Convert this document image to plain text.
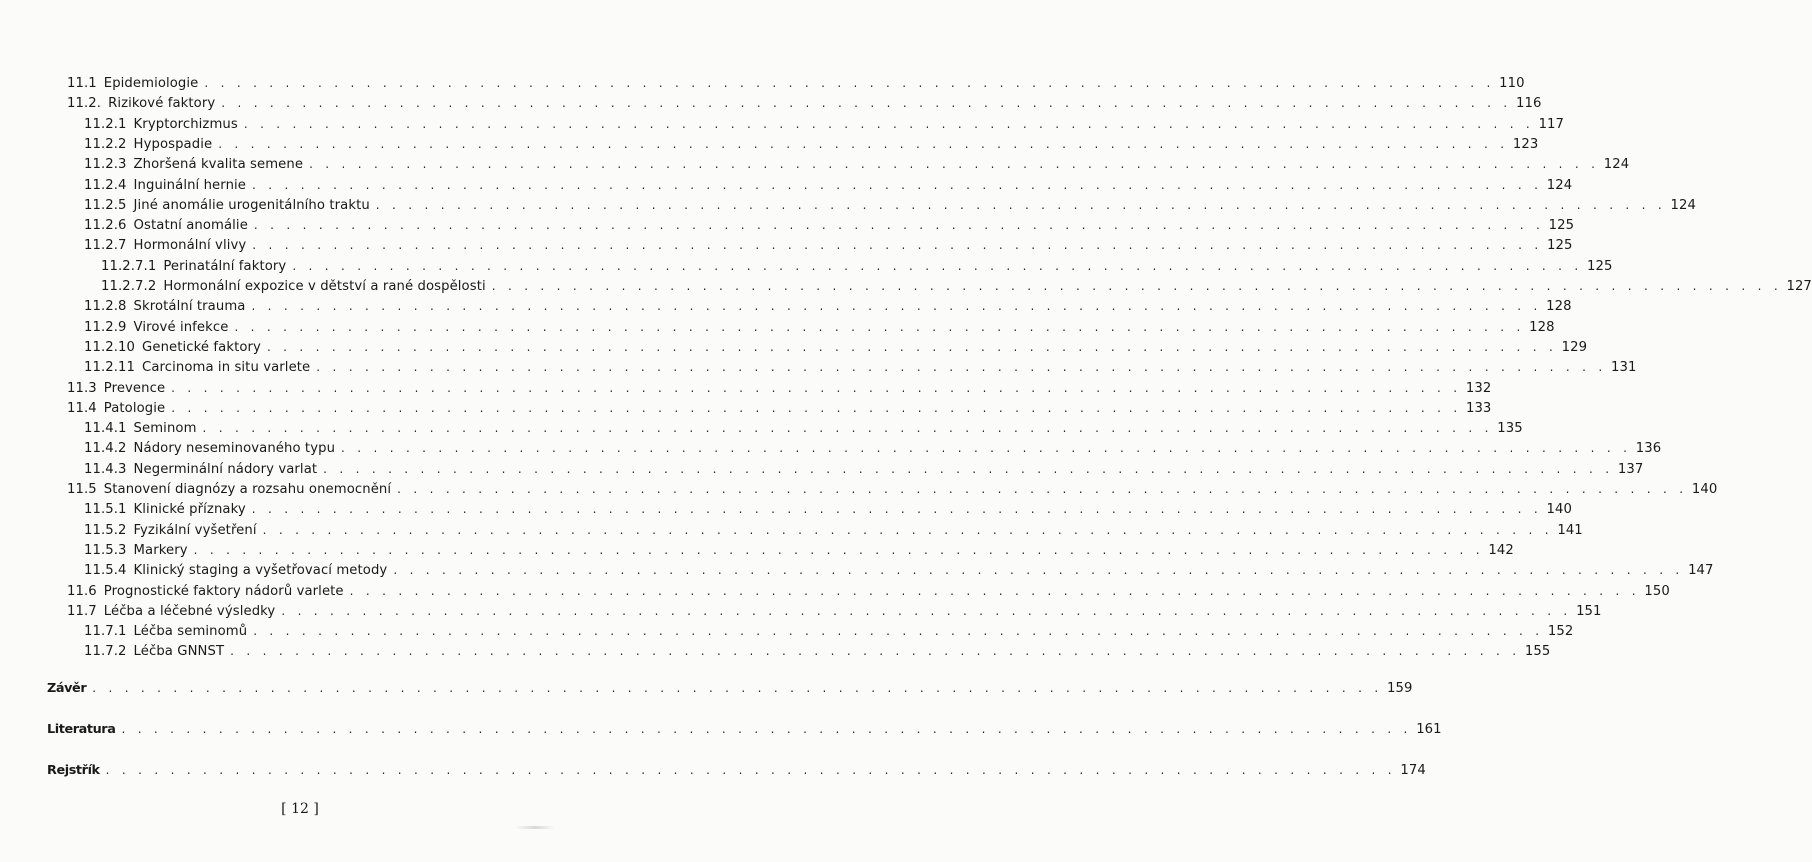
11.1 Epidemiologie . . . . . . . . . . . . . . . . . . . . . . . . . . . . . . . . . . . . . . . . . . . . . . . . . . . . . . . . . . . . . . . . . . . . . . . . . . . . . . . . 110
11.2. Rizikové faktory . . . . . . . . . . . . . . . . . . . . . . . . . . . . . . . . . . . . . . . . . . . . . . . . . . . . . . . . . . . . . . . . . . . . . . . . . . . . . . . . 116
11.2.1 Kryptorchizmus . . . . . . . . . . . . . . . . . . . . . . . . . . . . . . . . . . . . . . . . . . . . . . . . . . . . . . . . . . . . . . . . . . . . . . . . . . . . . . . . 117
11.2.2 Hypospadie . . . . . . . . . . . . . . . . . . . . . . . . . . . . . . . . . . . . . . . . . . . . . . . . . . . . . . . . . . . . . . . . . . . . . . . . . . . . . . . . 123
11.2.3 Zhoršená kvalita semene . . . . . . . . . . . . . . . . . . . . . . . . . . . . . . . . . . . . . . . . . . . . . . . . . . . . . . . . . . . . . . . . . . . . . . . . . . . . . . . . 124
11.2.4 Inguinální hernie . . . . . . . . . . . . . . . . . . . . . . . . . . . . . . . . . . . . . . . . . . . . . . . . . . . . . . . . . . . . . . . . . . . . . . . . . . . . . . . . 124
11.2.5 Jiné anomálie urogenitálního traktu . . . . . . . . . . . . . . . . . . . . . . . . . . . . . . . . . . . . . . . . . . . . . . . . . . . . . . . . . . . . . . . . . . . . . . . . . . . . . . . . 124
11.2.6 Ostatní anomálie . . . . . . . . . . . . . . . . . . . . . . . . . . . . . . . . . . . . . . . . . . . . . . . . . . . . . . . . . . . . . . . . . . . . . . . . . . . . . . . . 125
11.2.7 Hormonální vlivy . . . . . . . . . . . . . . . . . . . . . . . . . . . . . . . . . . . . . . . . . . . . . . . . . . . . . . . . . . . . . . . . . . . . . . . . . . . . . . . . 125
11.2.7.1 Perinatální faktory . . . . . . . . . . . . . . . . . . . . . . . . . . . . . . . . . . . . . . . . . . . . . . . . . . . . . . . . . . . . . . . . . . . . . . . . . . . . . . . . 125
11.2.7.2 Hormonální expozice v dětství a rané dospělosti . . . . . . . . . . . . . . . . . . . . . . . . . . . . . . . . . . . . . . . . . . . . . . . . . . . . . . . . . . . . . . . . . . . . . . . . . . . . . . . . 127
11.2.8 Skrotální trauma . . . . . . . . . . . . . . . . . . . . . . . . . . . . . . . . . . . . . . . . . . . . . . . . . . . . . . . . . . . . . . . . . . . . . . . . . . . . . . . . 128
11.2.9 Virové infekce . . . . . . . . . . . . . . . . . . . . . . . . . . . . . . . . . . . . . . . . . . . . . . . . . . . . . . . . . . . . . . . . . . . . . . . . . . . . . . . . 128
11.2.10 Genetické faktory . . . . . . . . . . . . . . . . . . . . . . . . . . . . . . . . . . . . . . . . . . . . . . . . . . . . . . . . . . . . . . . . . . . . . . . . . . . . . . . . 129
11.2.11 Carcinoma in situ varlete . . . . . . . . . . . . . . . . . . . . . . . . . . . . . . . . . . . . . . . . . . . . . . . . . . . . . . . . . . . . . . . . . . . . . . . . . . . . . . . . 131
11.3 Prevence . . . . . . . . . . . . . . . . . . . . . . . . . . . . . . . . . . . . . . . . . . . . . . . . . . . . . . . . . . . . . . . . . . . . . . . . . . . . . . . . 132
11.4 Patologie . . . . . . . . . . . . . . . . . . . . . . . . . . . . . . . . . . . . . . . . . . . . . . . . . . . . . . . . . . . . . . . . . . . . . . . . . . . . . . . . 133
11.4.1 Seminom . . . . . . . . . . . . . . . . . . . . . . . . . . . . . . . . . . . . . . . . . . . . . . . . . . . . . . . . . . . . . . . . . . . . . . . . . . . . . . . . 135
11.4.2 Nádory neseminovaného typu . . . . . . . . . . . . . . . . . . . . . . . . . . . . . . . . . . . . . . . . . . . . . . . . . . . . . . . . . . . . . . . . . . . . . . . . . . . . . . . . 136
11.4.3 Negerminální nádory varlat . . . . . . . . . . . . . . . . . . . . . . . . . . . . . . . . . . . . . . . . . . . . . . . . . . . . . . . . . . . . . . . . . . . . . . . . . . . . . . . . 137
11.5 Stanovení diagnózy a rozsahu onemocnění . . . . . . . . . . . . . . . . . . . . . . . . . . . . . . . . . . . . . . . . . . . . . . . . . . . . . . . . . . . . . . . . . . . . . . . . . . . . . . . . 140
11.5.1 Klinické příznaky . . . . . . . . . . . . . . . . . . . . . . . . . . . . . . . . . . . . . . . . . . . . . . . . . . . . . . . . . . . . . . . . . . . . . . . . . . . . . . . . 140
11.5.2 Fyzikální vyšetření . . . . . . . . . . . . . . . . . . . . . . . . . . . . . . . . . . . . . . . . . . . . . . . . . . . . . . . . . . . . . . . . . . . . . . . . . . . . . . . . 141
11.5.3 Markery . . . . . . . . . . . . . . . . . . . . . . . . . . . . . . . . . . . . . . . . . . . . . . . . . . . . . . . . . . . . . . . . . . . . . . . . . . . . . . . . 142
11.5.4 Klinický staging a vyšetřovací metody . . . . . . . . . . . . . . . . . . . . . . . . . . . . . . . . . . . . . . . . . . . . . . . . . . . . . . . . . . . . . . . . . . . . . . . . . . . . . . . . 147
11.6 Prognostické faktory nádorů varlete . . . . . . . . . . . . . . . . . . . . . . . . . . . . . . . . . . . . . . . . . . . . . . . . . . . . . . . . . . . . . . . . . . . . . . . . . . . . . . . . 150
11.7 Léčba a léčebné výsledky . . . . . . . . . . . . . . . . . . . . . . . . . . . . . . . . . . . . . . . . . . . . . . . . . . . . . . . . . . . . . . . . . . . . . . . . . . . . . . . . 151
11.7.1 Léčba seminomů . . . . . . . . . . . . . . . . . . . . . . . . . . . . . . . . . . . . . . . . . . . . . . . . . . . . . . . . . . . . . . . . . . . . . . . . . . . . . . . . 152
11.7.2 Léčba GNNST . . . . . . . . . . . . . . . . . . . . . . . . . . . . . . . . . . . . . . . . . . . . . . . . . . . . . . . . . . . . . . . . . . . . . . . . . . . . . . . . 155
Závěr . . . . . . . . . . . . . . . . . . . . . . . . . . . . . . . . . . . . . . . . . . . . . . . . . . . . . . . . . . . . . . . . . . . . . . . . . . . . . . . . 159
Literatura . . . . . . . . . . . . . . . . . . . . . . . . . . . . . . . . . . . . . . . . . . . . . . . . . . . . . . . . . . . . . . . . . . . . . . . . . . . . . . . . 161
Rejstřík . . . . . . . . . . . . . . . . . . . . . . . . . . . . . . . . . . . . . . . . . . . . . . . . . . . . . . . . . . . . . . . . . . . . . . . . . . . . . . . . 174
[ 12 ]
